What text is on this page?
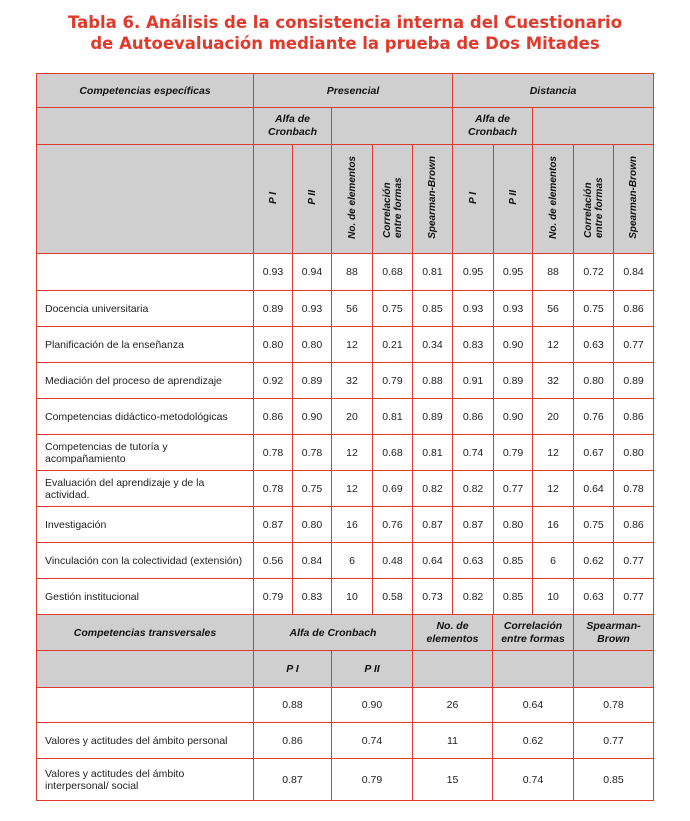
Tabla 6. Análisis de la consistencia interna del Cuestionario
de Autoevaluación mediante la prueba de Dos Mitades
Competencias específicas	Presencial					Distancia				
	Alfa de Cronbach					Alfa de Cronbach				
	P I	P II	No. de elementos	Correlación entre formas	Spearman-Brown	P I	P II	No. de elementos	Correlación entre formas	Spearman-Brown
	0.93	0.94	88	0.68	0.81	0.95	0.95	88	0.72	0.84
Docencia universitaria	0.89	0.93	56	0.75	0.85	0.93	0.93	56	0.75	0.86
Planificación de la enseñanza	0.80	0.80	12	0.21	0.34	0.83	0.90	12	0.63	0.77
Mediación del proceso de aprendizaje	0.92	0.89	32	0.79	0.88	0.91	0.89	32	0.80	0.89
Competencias didáctico-metodológicas	0.86	0.90	20	0.81	0.89	0.86	0.90	20	0.76	0.86
Competencias de tutoría y acompañamiento	0.78	0.78	12	0.68	0.81	0.74	0.79	12	0.67	0.80
Evaluación del aprendizaje y de la actividad.	0.78	0.75	12	0.69	0.82	0.82	0.77	12	0.64	0.78
Investigación	0.87	0.80	16	0.76	0.87	0.87	0.80	16	0.75	0.86
Vinculación con la colectividad (extensión)	0.56	0.84	6	0.48	0.64	0.63	0.85	6	0.62	0.77
Gestión institucional	0.79	0.83	10	0.58	0.73	0.82	0.85	10	0.63	0.77
Competencias transversales	Alfa de Cronbach		No. de elementos	Correlación entre formas	Spearman-Brown
	P I	P II			
	0.88	0.90	26	0.64	0.78
Valores y actitudes del ámbito personal	0.86	0.74	11	0.62	0.77
Valores y actitudes del ámbito interpersonal/ social	0.87	0.79	15	0.74	0.85
